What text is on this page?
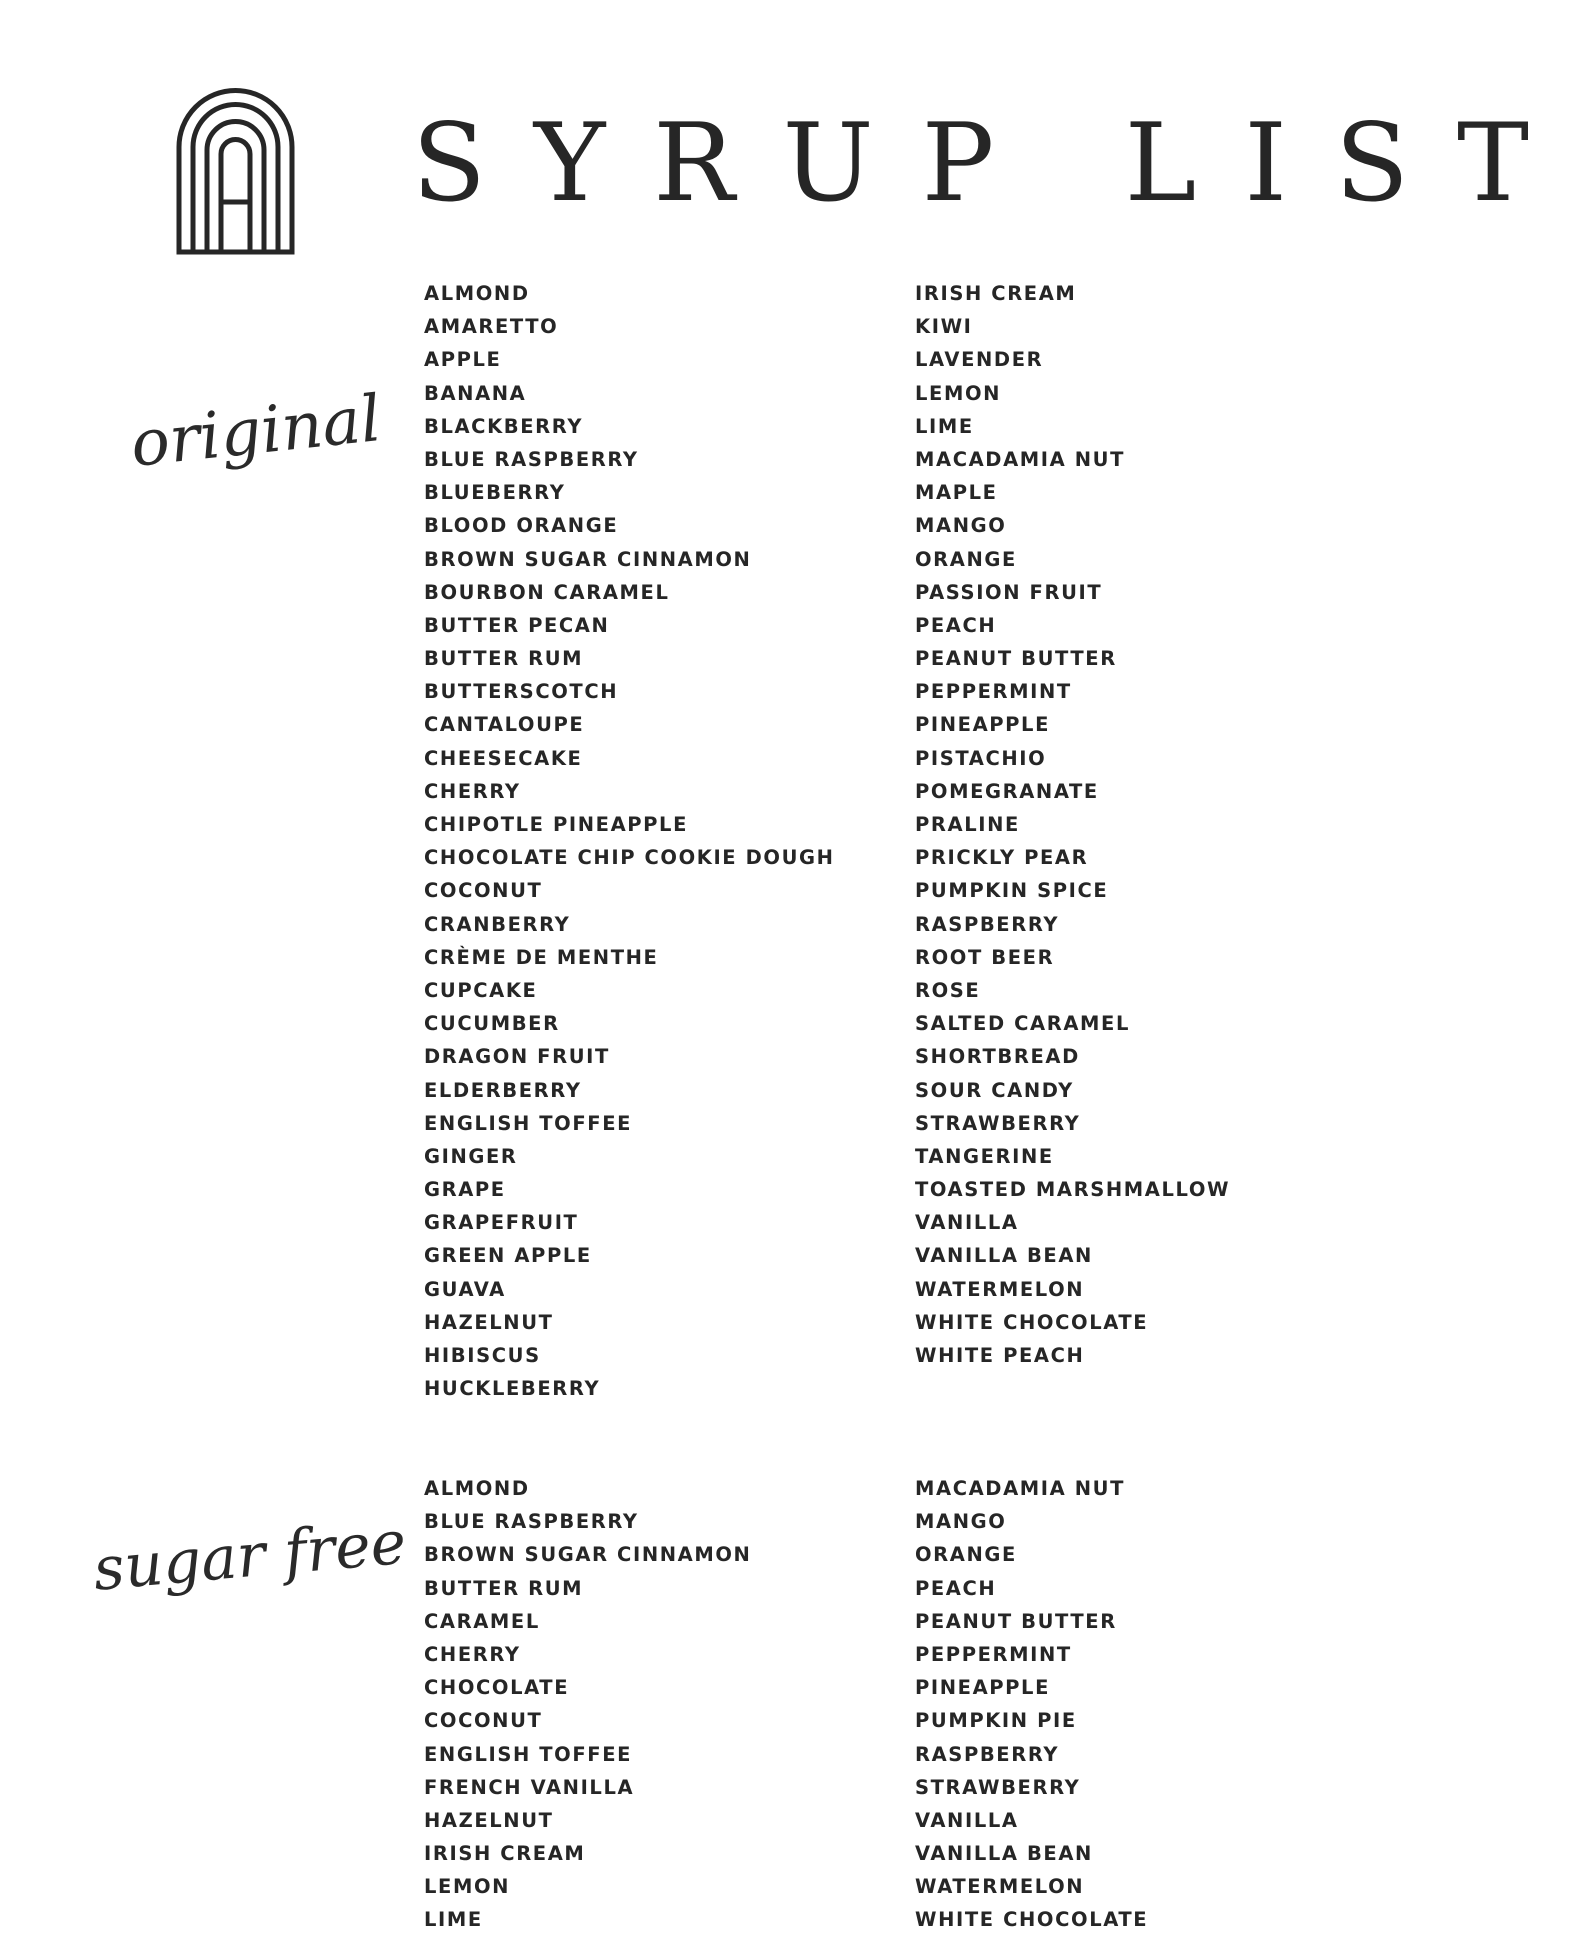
SYRUP LIST
original
ALMOND
AMARETTO
APPLE
BANANA
BLACKBERRY
BLUE RASPBERRY
BLUEBERRY
BLOOD ORANGE
BROWN SUGAR CINNAMON
BOURBON CARAMEL
BUTTER PECAN
BUTTER RUM
BUTTERSCOTCH
CANTALOUPE
CHEESECAKE
CHERRY
CHIPOTLE PINEAPPLE
CHOCOLATE CHIP COOKIE DOUGH
COCONUT
CRANBERRY
CRÈME DE MENTHE
CUPCAKE
CUCUMBER
DRAGON FRUIT
ELDERBERRY
ENGLISH TOFFEE
GINGER
GRAPE
GRAPEFRUIT
GREEN APPLE
GUAVA
HAZELNUT
HIBISCUS
HUCKLEBERRY
IRISH CREAM
KIWI
LAVENDER
LEMON
LIME
MACADAMIA NUT
MAPLE
MANGO
ORANGE
PASSION FRUIT
PEACH
PEANUT BUTTER
PEPPERMINT
PINEAPPLE
PISTACHIO
POMEGRANATE
PRALINE
PRICKLY PEAR
PUMPKIN SPICE
RASPBERRY
ROOT BEER
ROSE
SALTED CARAMEL
SHORTBREAD
SOUR CANDY
STRAWBERRY
TANGERINE
TOASTED MARSHMALLOW
VANILLA
VANILLA BEAN
WATERMELON
WHITE CHOCOLATE
WHITE PEACH
sugar free
ALMOND
BLUE RASPBERRY
BROWN SUGAR CINNAMON
BUTTER RUM
CARAMEL
CHERRY
CHOCOLATE
COCONUT
ENGLISH TOFFEE
FRENCH VANILLA
HAZELNUT
IRISH CREAM
LEMON
LIME
MACADAMIA NUT
MANGO
ORANGE
PEACH
PEANUT BUTTER
PEPPERMINT
PINEAPPLE
PUMPKIN PIE
RASPBERRY
STRAWBERRY
VANILLA
VANILLA BEAN
WATERMELON
WHITE CHOCOLATE
